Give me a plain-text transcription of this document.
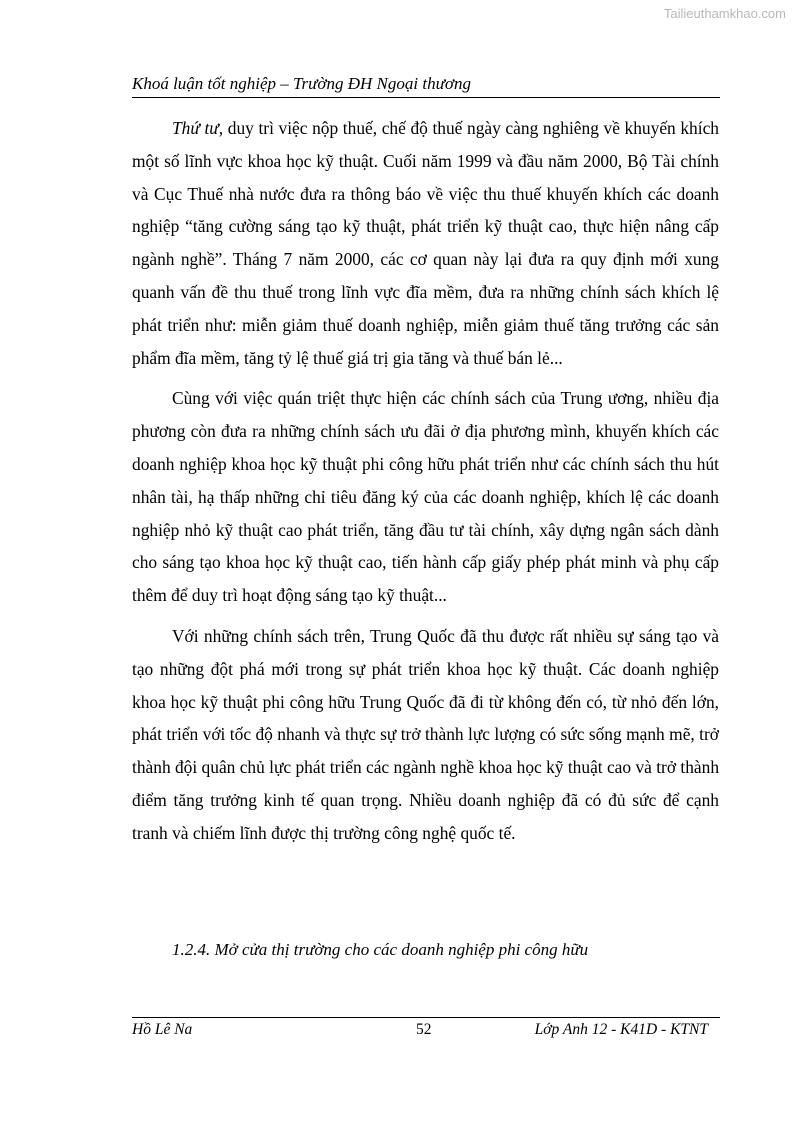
Tailieuthamkhao.com
Khoá luận tốt nghiệp – Trường ĐH Ngoại thương

Thứ tư, duy trì việc nộp thuế, chế độ thuế ngày càng nghiêng về khuyến khích một số lĩnh vực khoa học kỹ thuật. Cuối năm 1999 và đầu năm 2000, Bộ Tài chính và Cục Thuế nhà nước đưa ra thông báo về việc thu thuế khuyến khích các doanh nghiệp “tăng cường sáng tạo kỹ thuật, phát triển kỹ thuật cao, thực hiện nâng cấp ngành nghề”. Tháng 7 năm 2000, các cơ quan này lại đưa ra quy định mới xung quanh vấn đề thu thuế trong lĩnh vực đĩa mềm, đưa ra những chính sách khích lệ phát triển như: miễn giảm thuế doanh nghiệp, miễn giảm thuế tăng trưởng các sản phẩm đĩa mềm, tăng tỷ lệ thuế giá trị gia tăng và thuế bán lẻ...

Cùng với việc quán triệt thực hiện các chính sách của Trung ương, nhiều địa phương còn đưa ra những chính sách ưu đãi ở địa phương mình, khuyến khích các doanh nghiệp khoa học kỹ thuật phi công hữu phát triển như các chính sách thu hút nhân tài, hạ thấp những chỉ tiêu đăng ký của các doanh nghiệp, khích lệ các doanh nghiệp nhỏ kỹ thuật cao phát triển, tăng đầu tư tài chính, xây dựng ngân sách dành cho sáng tạo khoa học kỹ thuật cao, tiến hành cấp giấy phép phát minh và phụ cấp thêm để duy trì hoạt động sáng tạo kỹ thuật...

Với những chính sách trên, Trung Quốc đã thu được rất nhiều sự sáng tạo và tạo những đột phá mới trong sự phát triển khoa học kỹ thuật. Các doanh nghiệp khoa học kỹ thuật phi công hữu Trung Quốc đã đi từ không đến có, từ nhỏ đến lớn, phát triển với tốc độ nhanh và thực sự trở thành lực lượng có sức sống mạnh mẽ, trở thành đội quân chủ lực phát triển các ngành nghề khoa học kỹ thuật cao và trở thành điểm tăng trưởng kinh tế quan trọng. Nhiều doanh nghiệp đã có đủ sức để cạnh tranh và chiếm lĩnh được thị trường công nghệ quốc tế.

1.2.4. Mở cửa thị trường cho các doanh nghiệp phi công hữu
Hồ Lê Na	52	Lớp Anh 12 - K41D - KTNT
